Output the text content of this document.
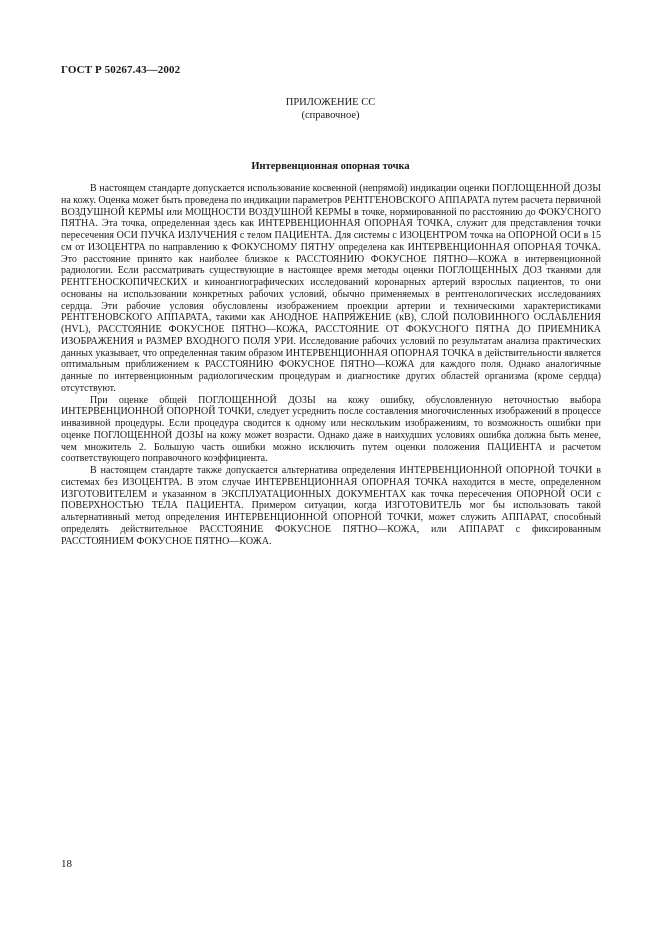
ГОСТ Р 50267.43—2002
ПРИЛОЖЕНИЕ СС
(справочное)
Интервенционная опорная точка

В настоящем стандарте допускается использование косвенной (непрямой) индикации оценки ПОГЛОЩЕННОЙ ДОЗЫ на кожу. Оценка может быть проведена по индикации параметров РЕНТГЕНОВСКОГО АППАРАТА путем расчета первичной ВОЗДУШНОЙ КЕРМЫ или МОЩНОСТИ ВОЗДУШНОЙ КЕРМЫ в точке, нормированной по расстоянию до ФОКУСНОГО ПЯТНА. Эта точка, определенная здесь как ИНТЕРВЕНЦИОННАЯ ОПОРНАЯ ТОЧКА, служит для представления точки пересечения ОСИ ПУЧКА ИЗЛУЧЕНИЯ с телом ПАЦИЕНТА. Для системы с ИЗОЦЕНТРОМ точка на ОПОРНОЙ ОСИ в 15 см от ИЗОЦЕНТРА по направлению к ФОКУСНОМУ ПЯТНУ определена как ИНТЕРВЕНЦИОННАЯ ОПОРНАЯ ТОЧКА. Это расстояние принято как наиболее близкое к РАССТОЯНИЮ ФОКУСНОЕ ПЯТНО—КОЖА в интервенционной радиологии. Если рассматривать существующие в настоящее время методы оценки ПОГЛОЩЕННЫХ ДОЗ тканями для РЕНТГЕНОСКОПИЧЕСКИХ и киноангиографических исследований коронарных артерий взрослых пациентов, то они основаны на использовании конкретных рабочих условий, обычно применяемых в рентгенологических исследованиях сердца. Эти рабочие условия обусловлены изображением проекции артерии и техническими характеристиками РЕНТГЕНОВСКОГО АППАРАТА, такими как АНОДНОЕ НАПРЯЖЕНИЕ (кВ), СЛОЙ ПОЛОВИННОГО ОСЛАБЛЕНИЯ (HVL), РАССТОЯНИЕ ФОКУСНОЕ ПЯТНО—КОЖА, РАССТОЯНИЕ ОТ ФОКУСНОГО ПЯТНА ДО ПРИЕМНИКА ИЗОБРАЖЕНИЯ и РАЗМЕР ВХОДНОГО ПОЛЯ УРИ. Исследование рабочих условий по результатам анализа практических данных указывает, что определенная таким образом ИНТЕРВЕНЦИОННАЯ ОПОРНАЯ ТОЧКА в действительности является оптимальным приближением к РАССТОЯНИЮ ФОКУСНОЕ ПЯТНО—КОЖА для каждого поля. Однако аналогичные данные по интервенционным радиологическим процедурам и диагностике других областей организма (кроме сердца) отсутствуют.

При оценке общей ПОГЛОЩЕННОЙ ДОЗЫ на кожу ошибку, обусловленную неточностью выбора ИНТЕРВЕНЦИОННОЙ ОПОРНОЙ ТОЧКИ, следует усреднить после составления многочисленных изображений в процессе инвазивной процедуры. Если процедура сводится к одному или нескольким изображениям, то возможность ошибки при оценке ПОГЛОЩЕННОЙ ДОЗЫ на кожу может возрасти. Однако даже в наихудших условиях ошибка должна быть менее, чем множитель 2. Большую часть ошибки можно исключить путем оценки положения ПАЦИЕНТА и расчетом соответствующего поправочного коэффициента.

В настоящем стандарте также допускается альтернатива определения ИНТЕРВЕНЦИОННОЙ ОПОРНОЙ ТОЧКИ в системах без ИЗОЦЕНТРА. В этом случае ИНТЕРВЕНЦИОННАЯ ОПОРНАЯ ТОЧКА находится в месте, определенном ИЗГОТОВИТЕЛЕМ и указанном в ЭКСПЛУАТАЦИОННЫХ ДОКУМЕНТАХ как точка пересечения ОПОРНОЙ ОСИ с ПОВЕРХНОСТЬЮ ТЕЛА ПАЦИЕНТА. Примером ситуации, когда ИЗГОТОВИТЕЛЬ мог бы использовать такой альтернативный метод определения ИНТЕРВЕНЦИОННОЙ ОПОРНОЙ ТОЧКИ, может служить АППАРАТ, способный определять действительное РАССТОЯНИЕ ФОКУСНОЕ ПЯТНО—КОЖА, или АППАРАТ с фиксированным РАССТОЯНИЕМ ФОКУСНОЕ ПЯТНО—КОЖА.

18
